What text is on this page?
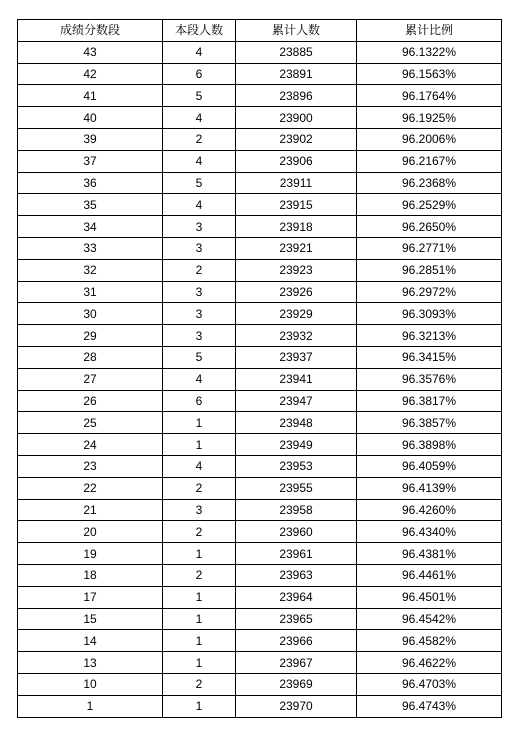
成绩分数段	本段人数	累计人数	累计比例
43	4	23885	96.1322%
42	6	23891	96.1563%
41	5	23896	96.1764%
40	4	23900	96.1925%
39	2	23902	96.2006%
37	4	23906	96.2167%
36	5	23911	96.2368%
35	4	23915	96.2529%
34	3	23918	96.2650%
33	3	23921	96.2771%
32	2	23923	96.2851%
31	3	23926	96.2972%
30	3	23929	96.3093%
29	3	23932	96.3213%
28	5	23937	96.3415%
27	4	23941	96.3576%
26	6	23947	96.3817%
25	1	23948	96.3857%
24	1	23949	96.3898%
23	4	23953	96.4059%
22	2	23955	96.4139%
21	3	23958	96.4260%
20	2	23960	96.4340%
19	1	23961	96.4381%
18	2	23963	96.4461%
17	1	23964	96.4501%
15	1	23965	96.4542%
14	1	23966	96.4582%
13	1	23967	96.4622%
10	2	23969	96.4703%
1	1	23970	96.4743%
